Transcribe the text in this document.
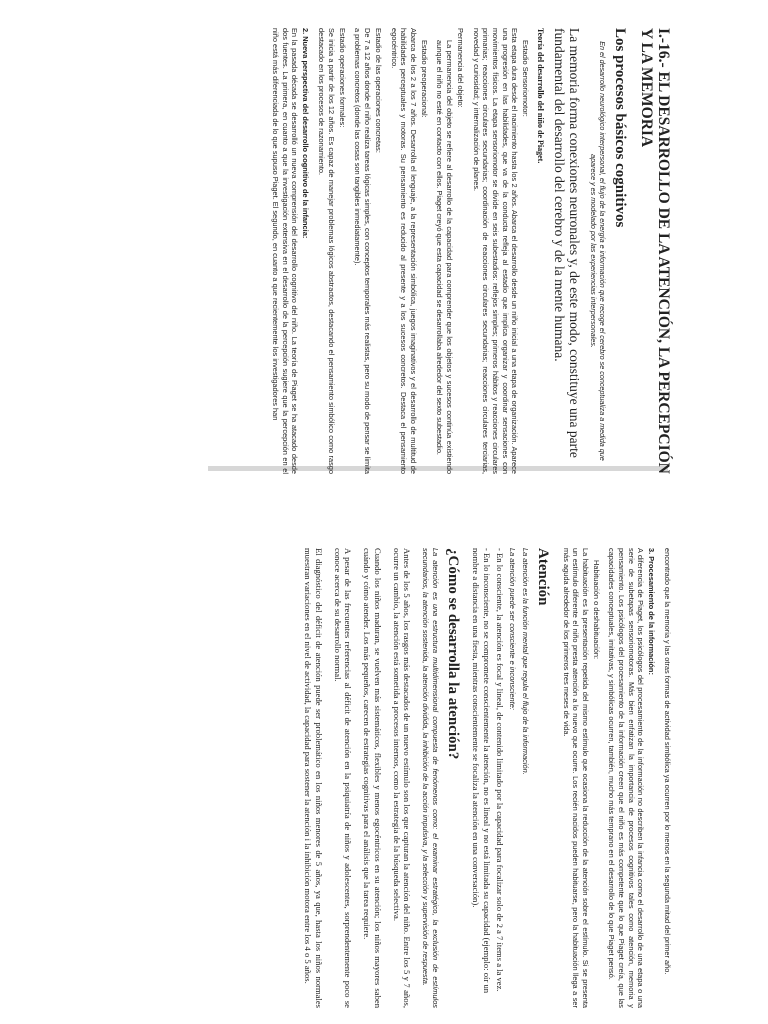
I.-16.- EL DESARROLLO DE LA ATENCIÓN, LA PERCEPCIÓN Y LA MEMORIA
Los procesos básicos cognitivos

En el desarrollo neurológico interpersonal, el flujo de la energía e información que recoge el cerebro se conceptualiza a medida que aparece y es modelado por las experiencias interpersonales.

La memoria forma conexiones neuronales y, de este modo, constituye una parte fundamental del desarrollo del cerebro y de la mente humana.

Teoría del desarrollo del niño de Piaget.

Estadio Sensoriomotor:

Esta etapa dura desde el nacimiento hasta los 2 años. Abarca el desarrollo desde un niño inicial a una etapa de organización. Aparece una progresión en las habilidades, que va de la conducta refleja al estadio que implica organizar y coordinar sensaciones con movimientos físicos. La etapa sensoriomotor se divide en seis subestadios: reflejos simples; primeros hábitos y reacciones circulares primarias; reacciones circulares secundarias; coordinación de reacciones circulares secundarias; reacciones circulares terciarias, novedad y curiosidad; y internalización de planes.

Permanencia del objeto:

La permanencia del objeto se refiere al desarrollo de la capacidad para comprender que los objetos y sucesos continúa existiendo aunque el niño no esté en contacto con ellos. Piaget creyó que esta capacidad se desarrollaba alrededor del sexto subestadio.

Estadio preoperacional:

Abarca de los 2 a los 7 años. Desarrolla el lenguaje, a la representación simbólica, juegos imaginativos y el desarrollo de multitud de habilidades perceptuales y motoras. Su pensamiento es reducido al presente y a los sucesos concretos. Destaca el pensamiento egocéntrico.

Estadio de las operaciones concretas:

De 7 a 12 años donde el niño realiza tareas lógicas simples, con conceptos temporales más realistas, pero su modo de pensar se limita a problemas concretos (donde las cosas son tangibles inmediatamente).

Estadio operaciones formales:

Se inicia a partir de los 12 años. Es capaz de manejar problemas lógicos abstractos, destacando el pensamiento simbólico como rasgo destacado en los procesos de razonamiento.

2. Nueva perspectiva del desarrollo cognitivo de la infancia:

En la pasada década se desarrolló un nueva comprensión del desarrollo cognitivo del niño. La teoría de Piaget se ha atacado desde dos fuentes. La primera, en cuanto a que la investigación extensiva en el desarrollo de la percepción sugiere que la percepción en el niño está más diferenciada de lo que supuso Piaget. El segundo, en cuanto a que recientemente los investigadores han

encontrado que la memoria y las otras formas de actividad simbólica ya ocurren por lo menos en la segunda mitad del primer año.

3. Procesamiento de la información:

A diferencia de Piaget, los psicólogos del procesamiento de la información no describen la infancia como el desarrollo de una etapa o una serie de subetapas sensoriomotoras. Más bien enfatizan la importancia de procesos cognitivos tales como atención, memoria y pensamiento. Los psicólogos del procesamiento de la información creen que el niño es más competente que lo que Piaget creía, que las capacidades conceptuales, imitativas, y simbólicas ocurren, también, mucho más temprano en el desarrollo de lo que Piaget pensó.

Habituación o deshabituación:

La habituación es la presentación repetida del mismo estímulo que ocasiona la reducción de la atención sobre el estímulo. Si se presenta un estímulo diferente el niño presta atención a lo nuevo que ocurre. Los recién nacidos pueden habituarse, pero la habituación llega a ser más aguda alrededor de los primeros tres meses de vida.

Atención

La atención es la función mental que regula el flujo de la información.

La atención puede ser consciente e inconsciente:

- En lo consciente, la atención es focal y lineal, de contenido limitado por la capacidad para focalizar solo de 2 a 7 ítems a la vez.

- En lo inconsciente, no se compromete conscientemente la atención, no es lineal y no está limitada su capacidad (ejemplo: oír un nombre a distancia en una fiesta, mientras conscientemente se focaliza la atención en una conversación).

¿Cómo se desarrolla la atención?

La atención es una estructura multidimensional compuesta de fenómenos como: el examinar estratégico, la exclusión de estímulos secundarios, la atención sostenida, la atención dividida, la inhibición de la acción impulsiva, y la selección y supervisión de respuesta.

Antes de los 5 años, los rasgos más destacados de un nuevo estímulo son los que capturan la atención del niño. Entre los 5 y 7 años, ocurre un cambio, la atención está sometida a procesos internos, como la estrategia de la búsqueda selectiva.

Cuando los niños maduran, se vuelven más sistemáticos, flexibles y menos egocéntricos en su atención; los niños mayores saben cuándo y cómo atender. Los más pequeños, carecen de estrategias cognitivas para el análisis que la tarea requiere.

A pesar de las frecuentes referencias al déficit de atención en la psiquiatría de niños y adolescentes, sorprendentemente poco se conoce acerca de su desarrollo normal.

El diagnóstico del déficit de atención puede ser problemático en los niños menores de 5 años, ya que, hasta los niños normales muestran variaciones en el nivel de actividad, la capacidad para sostener la atención i la inhibición motora entre los 4 o 5 años.
